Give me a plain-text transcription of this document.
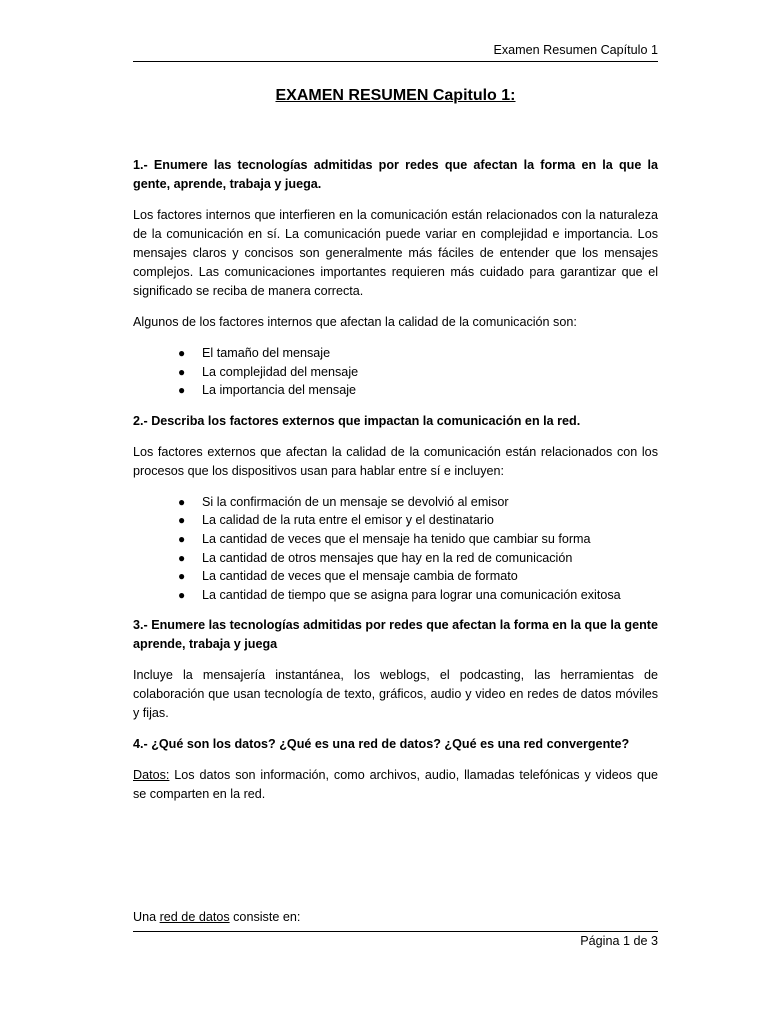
Examen Resumen Capítulo 1
EXAMEN RESUMEN Capitulo 1:

1.- Enumere las tecnologías admitidas por redes que afectan la forma en la que la gente, aprende, trabaja y juega.

Los factores internos que interfieren en la comunicación están relacionados con la naturaleza de la comunicación en sí. La comunicación puede variar en complejidad e importancia. Los mensajes claros y concisos son generalmente más fáciles de entender que los mensajes complejos. Las comunicaciones importantes requieren más cuidado para garantizar que el significado se reciba de manera correcta.

Algunos de los factores internos que afectan la calidad de la comunicación son:

● El tamaño del mensaje
● La complejidad del mensaje
● La importancia del mensaje

2.- Describa los factores externos que impactan la comunicación en la red.

Los factores externos que afectan la calidad de la comunicación están relacionados con los procesos que los dispositivos usan para hablar entre sí e incluyen:

● Si la confirmación de un mensaje se devolvió al emisor
● La calidad de la ruta entre el emisor y el destinatario
● La cantidad de veces que el mensaje ha tenido que cambiar su forma
● La cantidad de otros mensajes que hay en la red de comunicación
● La cantidad de veces que el mensaje cambia de formato
● La cantidad de tiempo que se asigna para lograr una comunicación exitosa

3.- Enumere las tecnologías admitidas por redes que afectan la forma en la que la gente aprende, trabaja y juega

Incluye la mensajería instantánea, los weblogs, el podcasting, las herramientas de colaboración que usan tecnología de texto, gráficos, audio y video en redes de datos móviles y fijas.

4.- ¿Qué son los datos? ¿Qué es una red de datos? ¿Qué es una red convergente?

Datos: Los datos son información, como archivos, audio, llamadas telefónicas y videos que se comparten en la red.

Una red de datos consiste en:
Página 1 de 3
